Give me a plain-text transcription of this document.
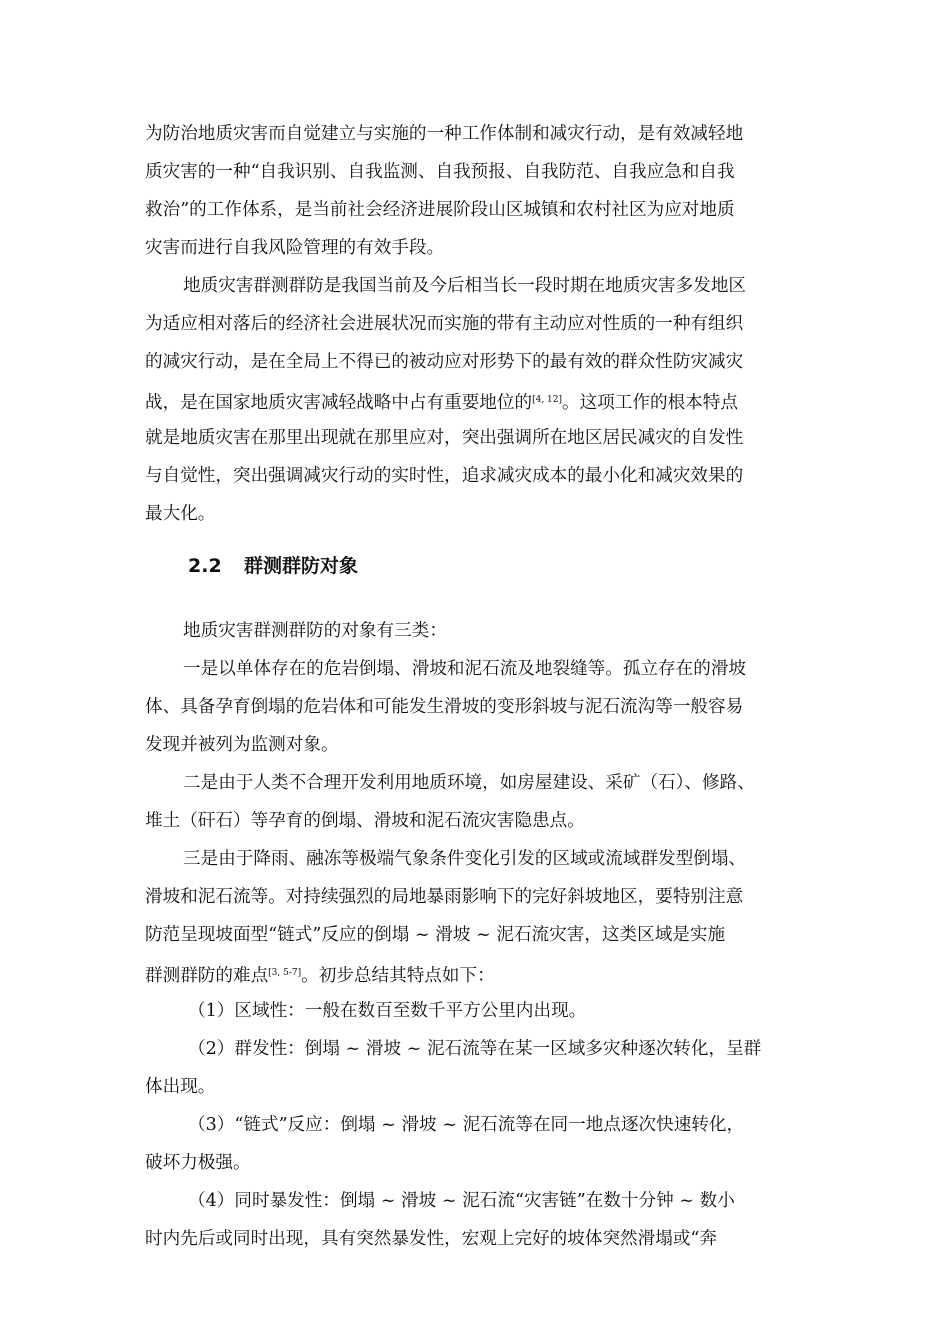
为防治地质灾害而自觉建立与实施的一种工作体制和减灾行动，是有效减轻地
质灾害的一种“自我识别、自我监测、自我预报、自我防范、自我应急和自我
救治”的工作体系，是当前社会经济进展阶段山区城镇和农村社区为应对地质
灾害而进行自我风险管理的有效手段。
地质灾害群测群防是我国当前及今后相当长一段时期在地质灾害多发地区
为适应相对落后的经济社会进展状况而实施的带有主动应对性质的一种有组织
的减灾行动，是在全局上不得已的被动应对形势下的最有效的群众性防灾减灾
战，是在国家地质灾害减轻战略中占有重要地位的[4, 12]。这项工作的根本特点
就是地质灾害在那里出现就在那里应对，突出强调所在地区居民减灾的自发性
与自觉性，突出强调减灾行动的实时性，追求减灾成本的最小化和减灾效果的
最大化。
2.2 群测群防对象
地质灾害群测群防的对象有三类：
一是以单体存在的危岩倒塌、滑坡和泥石流及地裂缝等。孤立存在的滑坡
体、具备孕育倒塌的危岩体和可能发生滑坡的变形斜坡与泥石流沟等一般容易
发现并被列为监测对象。
二是由于人类不合理开发利用地质环境，如房屋建设、采矿（石）、修路、
堆土（矸石）等孕育的倒塌、滑坡和泥石流灾害隐患点。
三是由于降雨、融冻等极端气象条件变化引发的区域或流域群发型倒塌、
滑坡和泥石流等。对持续强烈的局地暴雨影响下的完好斜坡地区，要特别注意
防范呈现坡面型“链式”反应的倒塌 ~ 滑坡 ~ 泥石流灾害，这类区域是实施
群测群防的难点[3, 5-7]。初步总结其特点如下：
（1）区域性：一般在数百至数千平方公里内出现。
（2）群发性：倒塌 ~ 滑坡 ~ 泥石流等在某一区域多灾种逐次转化，呈群
体出现。
（3）“链式”反应：倒塌 ~ 滑坡 ~ 泥石流等在同一地点逐次快速转化，
破坏力极强。
（4）同时暴发性：倒塌 ~ 滑坡 ~ 泥石流“灾害链”在数十分钟 ~ 数小
时内先后或同时出现，具有突然暴发性，宏观上完好的坡体突然滑塌或“奔
